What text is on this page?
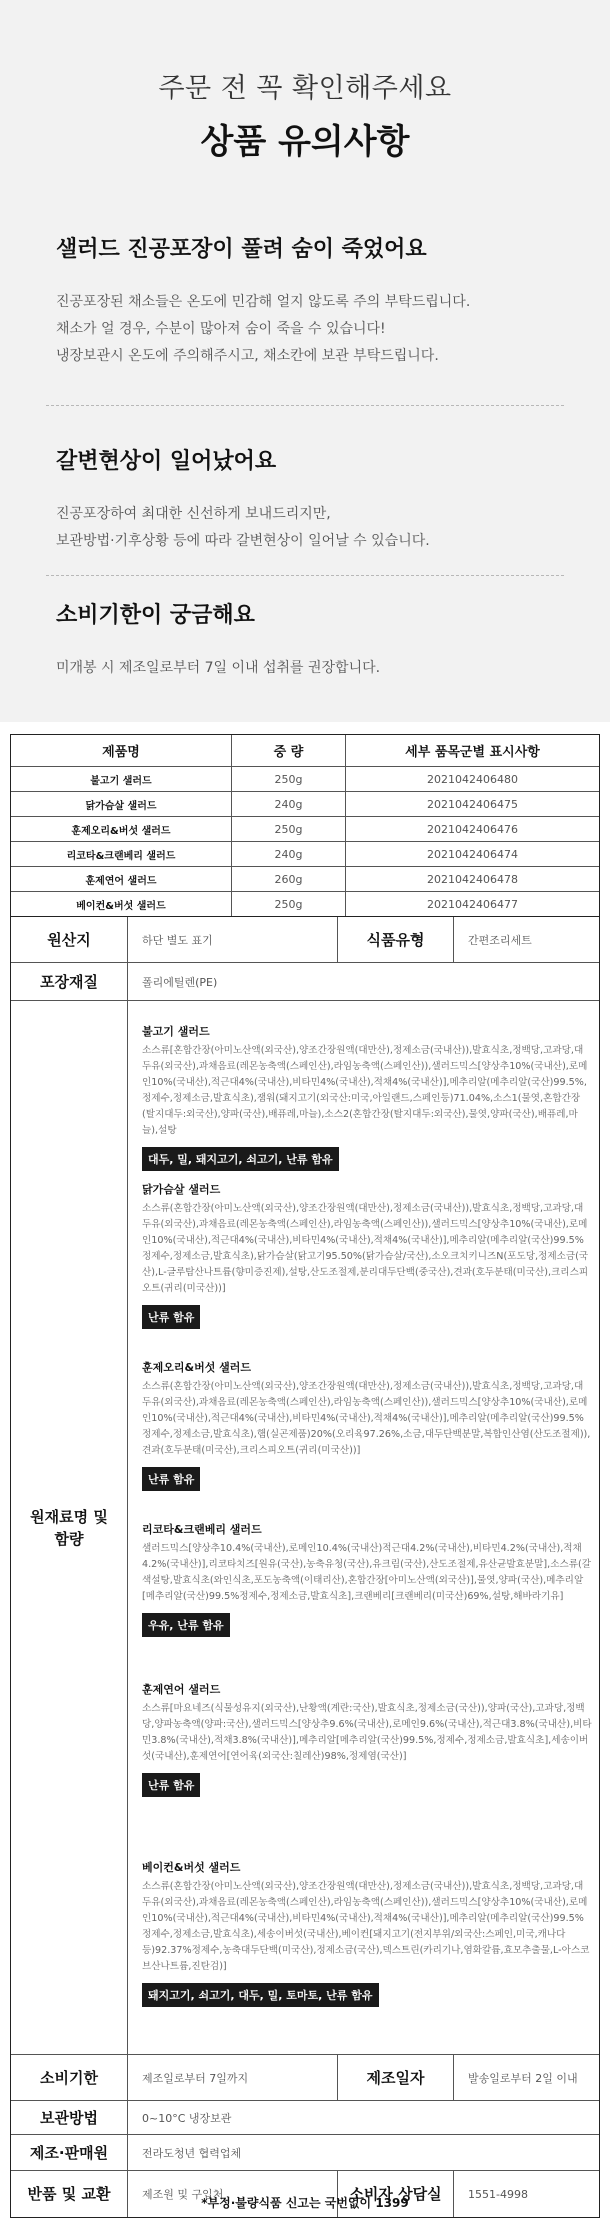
주문 전 꼭 확인해주세요
상품 유의사항
샐러드 진공포장이 풀려 숨이 죽었어요

진공포장된 채소들은 온도에 민감해 얼지 않도록 주의 부탁드립니다.

채소가 얼 경우, 수분이 많아져 숨이 죽을 수 있습니다!

냉장보관시 온도에 주의해주시고, 채소칸에 보관 부탁드립니다.

갈변현상이 일어났어요

진공포장하여 최대한 신선하게 보내드리지만,

보관방법·기후상황 등에 따라 갈변현상이 일어날 수 있습니다.

소비기한이 궁금해요

미개봉 시 제조일로부터 7일 이내 섭취를 권장합니다.

제품명	중 량	세부 품목군별 표시사항
불고기 샐러드	250g	2021042406480
닭가슴살 샐러드	240g	2021042406475
훈제오리&버섯 샐러드	250g	2021042406476
리코타&크랜베리 샐러드	240g	2021042406474
훈제연어 샐러드	260g	2021042406478
베이컨&버섯 샐러드	250g	2021042406477
원산지	하단 별도 표기	식품유형	간편조리세트
포장재질	폴리에틸렌(PE)
원재료명 및 함량
불고기 샐러드
소스류[혼합간장(아미노산액(외국산),양조간장원액(대만산),정제소금(국내산)),발효식초,정백당,고과당,대두유(외국산),과채음료(레몬농축액(스페인산),라임농축액(스페인산)),샐러드믹스[양상추10%(국내산),로메인10%(국내산),적근대4%(국내산),비타민4%(국내산),적채4%(국내산)],메추리알(메추리알(국산)99.5%,정제수,정제소금,발효식초),잼워(돼지고기(외국산:미국,아일랜드,스페인등)71.04%,소스1(물엿,혼합간장(탈지대두:외국산),양파(국산),배퓨레,마늘),소스2(혼합간장(탈지대두:외국산),물엿,양파(국산),배퓨레,마늘),설탕
대두, 밀, 돼지고기, 쇠고기, 난류 함유
닭가슴살 샐러드
소스류(혼합간장(아미노산액(외국산),양조간장원액(대만산),정제소금(국내산)),발효식초,정백당,고과당,대두유(외국산),과채음료(레몬농축액(스페인산),라임농축액(스페인산)),샐러드믹스[양상추10%(국내산),로메인10%(국내산),적근대4%(국내산),비타민4%(국내산),적채4%(국내산)],메추리알(메추리알(국산)99.5%정제수,정제소금,발효식초),닭가슴살(닭고기95.50%(닭가슴살/국산),소오크치키니즈N(포도당,정제소금(국산),L-글루탐산나트륨(향미증진제),설탕,산도조절제,분리대두단백(중국산),견과(호두분태(미국산),크리스피오트(귀리(미국산))]
난류 함유
훈제오리&버섯 샐러드
소스류(혼합간장(아미노산액(외국산),양조간장원액(대만산),정제소금(국내산)),발효식초,정백당,고과당,대두유(외국산),과채음료(레몬농축액(스페인산),라임농축액(스페인산)),샐러드믹스[양상추10%(국내산),로메인10%(국내산),적근대4%(국내산),비타민4%(국내산),적채4%(국내산)],메추리알(메추리알(국산)99.5%정제수,정제소금,발효식초),햄(실곤제품)20%(오리육97.26%,소금,대두단백분말,복합인산염(산도조절제)),견과(호두분태(미국산),크리스피오트(귀리(미국산))]
난류 함유
리코타&크랜베리 샐러드
샐러드믹스[양상추10.4%(국내산),로메인10.4%(국내산)적근대4.2%(국내산),비타민4.2%(국내산),적채4.2%(국내산)],리코타치즈[원유(국산),농축유청(국산),유크림(국산),산도조절제,유산균발효분말],소스류(갈색설탕,발효식초(와인식초,포도농축액(이태리산),혼합간장[아미노산액(외국산)],물엿,양파(국산),메추리알[메추리알(국산)99.5%정제수,정제소금,발효식초],크랜베리[크랜베리(미국산)69%,설탕,해바라기유]
우유, 난류 함유
훈제연어 샐러드
소스류[마요네즈(식물성유지(외국산),난황액(계란:국산),발효식초,정제소금(국산)),양파(국산),고과당,정백당,양파농축액(양파:국산),샐러드믹스[양상추9.6%(국내산),로메인9.6%(국내산),적근대3.8%(국내산),비타민3.8%(국내산),적채3.8%(국내산)],메추리알[메추리알(국산)99.5%,정제수,정제소금,발효식초],세송이버섯(국내산),훈제연어[연어육(외국산:칠레산)98%,정제염(국산)]
난류 함유
베이컨&버섯 샐러드
소스류(혼합간장(아미노산액(외국산),양조간장원액(대만산),정제소금(국내산)),발효식초,정백당,고과당,대두유(외국산),과채음료(레몬농축액(스페인산),라임농축액(스페인산)),샐러드믹스[양상추10%(국내산),로메인10%(국내산),적근대4%(국내산),비타민4%(국내산),적채4%(국내산)],메추리알(메추리알(국산)99.5%정제수,정제소금,발효식초),세송이버섯(국내산),베이컨[돼지고기(전지부위/외국산:스페인,미국,캐나다등)92.37%정제수,농축대두단백(미국산),정제소금(국산),덱스트린(카리기나,염화칼륨,효모추출물,L-아스코브산나트륨,진탄검)]
돼지고기, 쇠고기, 대두, 밀, 토마토, 난류 함유
소비기한	제조일로부터 7일까지	제조일자	발송일로부터 2일 이내
보관방법	0~10°C 냉장보관
제조·판매원	전라도청년 협력업체
반품 및 교환	제조원 및 구입처	소비자 상담실	1551-4998
*부정·불량식품 신고는 국번없이 1399
